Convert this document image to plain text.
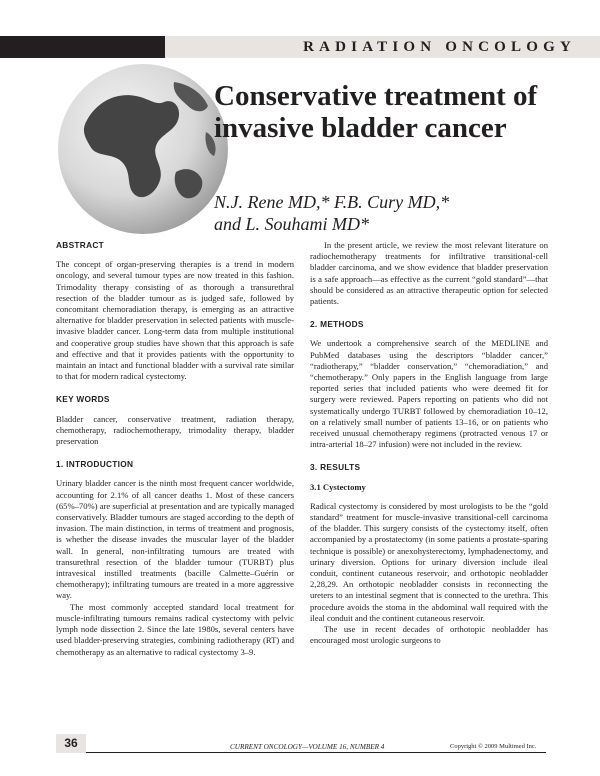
RADIATION ONCOLOGY
Conservative treatment of invasive bladder cancer
N.J. Rene MD,* F.B. Cury MD,*
and L. Souhami MD*
ABSTRACT

The concept of organ-preserving therapies is a trend in modern oncology, and several tumour types are now treated in this fashion. Trimodality therapy consisting of as thorough a transurethral resection of the bladder tumour as is judged safe, followed by concomitant chemoradiation therapy, is emerging as an attractive alternative for bladder preservation in selected patients with muscle-invasive bladder cancer. Long-term data from multiple institutional and cooperative group studies have shown that this approach is safe and effective and that it provides patients with the opportunity to maintain an intact and functional bladder with a survival rate similar to that for modern radical cystectomy.

KEY WORDS

Bladder cancer, conservative treatment, radiation therapy, chemotherapy, radiochemotherapy, trimodality therapy, bladder preservation

1. INTRODUCTION

Urinary bladder cancer is the ninth most frequent cancer worldwide, accounting for 2.1% of all cancer deaths 1. Most of these cancers (65%–70%) are superficial at presentation and are typically managed conservatively. Bladder tumours are staged according to the depth of invasion. The main distinction, in terms of treatment and prognosis, is whether the disease invades the muscular layer of the bladder wall. In general, non-infiltrating tumours are treated with transurethral resection of the bladder tumour (TURBT) plus intravesical instilled treatments (bacille Calmette–Guérin or chemotherapy); infiltrating tumours are treated in a more aggressive way.

The most commonly accepted standard local treatment for muscle-infiltrating tumours remains radical cystectomy with pelvic lymph node dissection 2. Since the late 1980s, several centers have used bladder-preserving strategies, combining radiotherapy (RT) and chemotherapy as an alternative to radical cystectomy 3–9.

In the present article, we review the most relevant literature on radiochemotherapy treatments for infiltrative transitional-cell bladder carcinoma, and we show evidence that bladder preservation is a safe approach—as effective as the current “gold standard”—that should be considered as an attractive therapeutic option for selected patients.

2. METHODS

We undertook a comprehensive search of the MEDLINE and PubMed databases using the descriptors “bladder cancer,” “radiotherapy,” “bladder conservation,” “chemoradiation,” and “chemotherapy.” Only papers in the English language from large reported series that included patients who were deemed fit for surgery were reviewed. Papers reporting on patients who did not systematically undergo TURBT followed by chemoradiation 10–12, on a relatively small number of patients 13–16, or on patients who received unusual chemotherapy regimens (protracted venous 17 or intra-arterial 18–27 infusion) were not included in the review.

3. RESULTS
3.1 Cystectomy

Radical cystectomy is considered by most urologists to be the “gold standard” treatment for muscle-invasive transitional-cell carcinoma of the bladder. This surgery consists of the cystectomy itself, often accompanied by a prostatectomy (in some patients a prostate-sparing technique is possible) or anexohysterectomy, lymphadenectomy, and urinary diversion. Options for urinary diversion include ileal conduit, continent cutaneous reservoir, and orthotopic neobladder 2,28,29. An orthotopic neobladder consists in reconnecting the ureters to an intestinal segment that is connected to the urethra. This procedure avoids the stoma in the abdominal wall required with the ileal conduit and the continent cutaneous reservoir.

The use in recent decades of orthotopic neobladder has encouraged most urologic surgeons to

36	CURRENT ONCOLOGY—VOLUME 16, NUMBER 4	Copyright © 2009 Multimed Inc.
